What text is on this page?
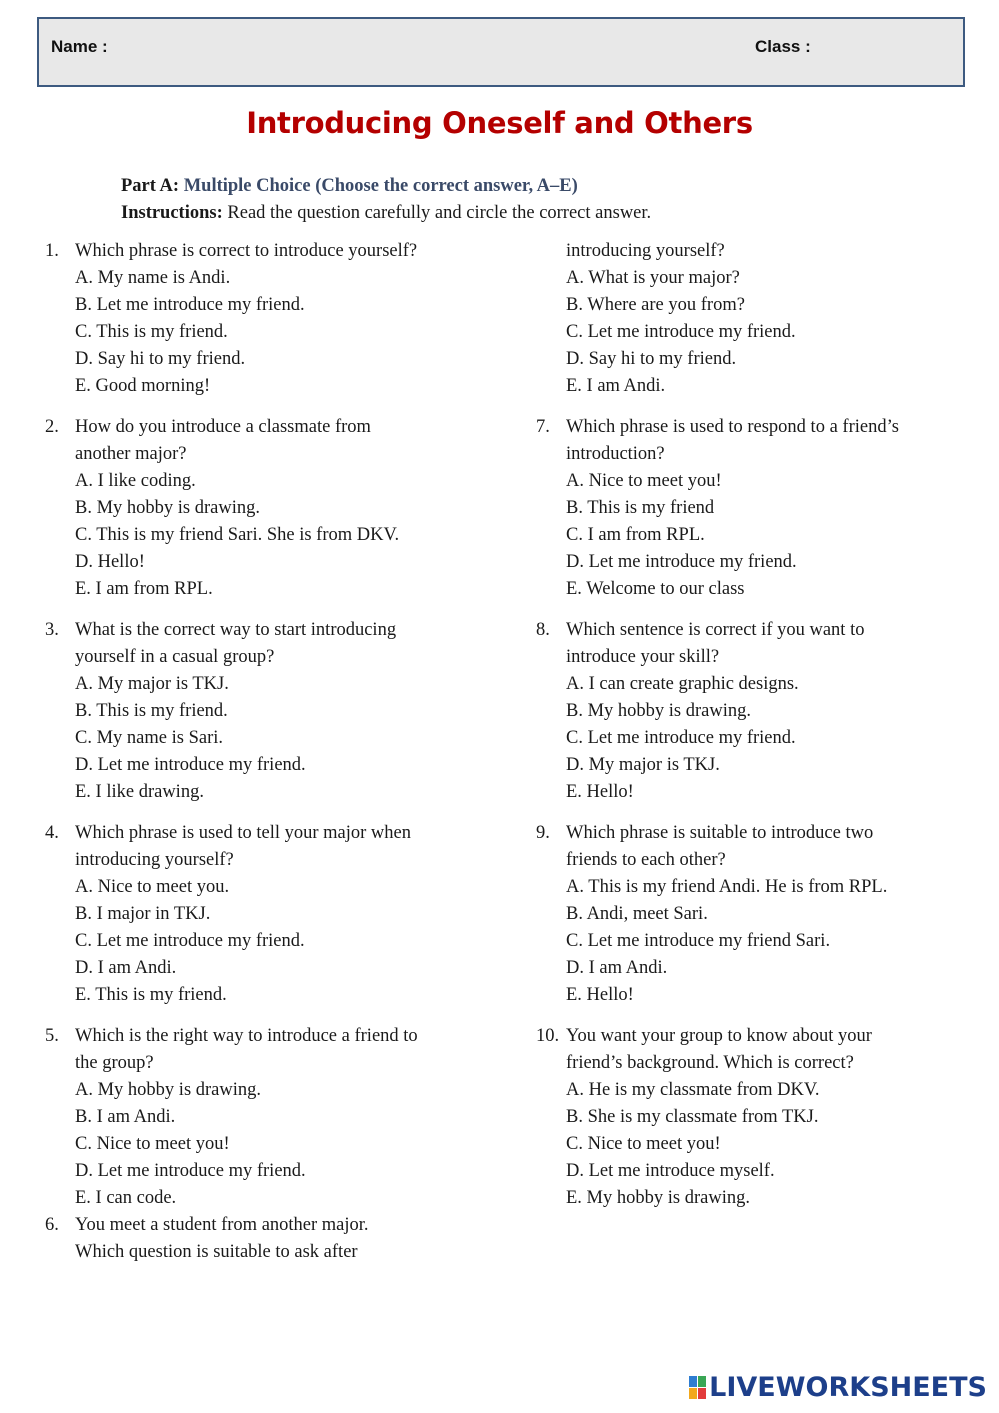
Name :	Class :
Introducing Oneself and Others
Part A: Multiple Choice (Choose the correct answer, A–E)
Instructions: Read the question carefully and circle the correct answer.
1. Which phrase is correct to introduce yourself?
A. My name is Andi.
B. Let me introduce my friend.
C. This is my friend.
D. Say hi to my friend.
E. Good morning!
2. How do you introduce a classmate from
another major?
A. I like coding.
B. My hobby is drawing.
C. This is my friend Sari. She is from DKV.
D. Hello!
E. I am from RPL.
3. What is the correct way to start introducing
yourself in a casual group?
A. My major is TKJ.
B. This is my friend.
C. My name is Sari.
D. Let me introduce my friend.
E. I like drawing.
4. Which phrase is used to tell your major when
introducing yourself?
A. Nice to meet you.
B. I major in TKJ.
C. Let me introduce my friend.
D. I am Andi.
E. This is my friend.
5. Which is the right way to introduce a friend to
the group?
A. My hobby is drawing.
B. I am Andi.
C. Nice to meet you!
D. Let me introduce my friend.
E. I can code.
6. You meet a student from another major.
Which question is suitable to ask after
introducing yourself?
A. What is your major?
B. Where are you from?
C. Let me introduce my friend.
D. Say hi to my friend.
E. I am Andi.
7. Which phrase is used to respond to a friend’s
introduction?
A. Nice to meet you!
B. This is my friend
C. I am from RPL.
D. Let me introduce my friend.
E. Welcome to our class
8. Which sentence is correct if you want to
introduce your skill?
A. I can create graphic designs.
B. My hobby is drawing.
C. Let me introduce my friend.
D. My major is TKJ.
E. Hello!
9. Which phrase is suitable to introduce two
friends to each other?
A. This is my friend Andi. He is from RPL.
B. Andi, meet Sari.
C. Let me introduce my friend Sari.
D. I am Andi.
E. Hello!
10. You want your group to know about your
friend’s background. Which is correct?
A. He is my classmate from DKV.
B. She is my classmate from TKJ.
C. Nice to meet you!
D. Let me introduce myself.
E. My hobby is drawing.
LIVEWORKSHEETS
